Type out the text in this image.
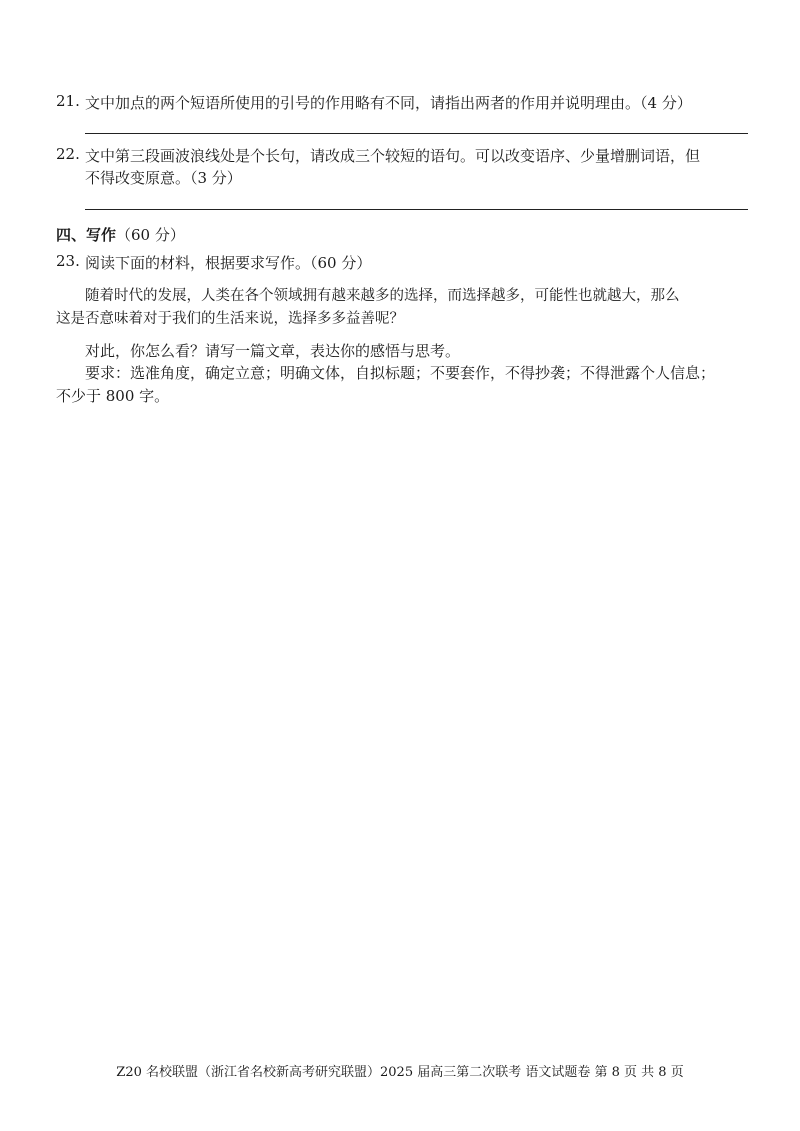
21. 文中加点的两个短语所使用的引号的作用略有不同，请指出两者的作用并说明理由。（4 分）
22. 文中第三段画波浪线处是个长句，请改成三个较短的语句。可以改变语序、少量增删词语，但
不得改变原意。（3 分）
四、写作（60 分）
23. 阅读下面的材料，根据要求写作。（60 分）
随着时代的发展，人类在各个领域拥有越来越多的选择，而选择越多，可能性也就越大，那么
这是否意味着对于我们的生活来说，选择多多益善呢？
对此，你怎么看？请写一篇文章，表达你的感悟与思考。
要求：选准角度，确定立意；明确文体，自拟标题；不要套作，不得抄袭；不得泄露个人信息；
不少于 800 字。
Z20 名校联盟（浙江省名校新高考研究联盟）2025 届高三第二次联考 语文试题卷 第 8 页 共 8 页
